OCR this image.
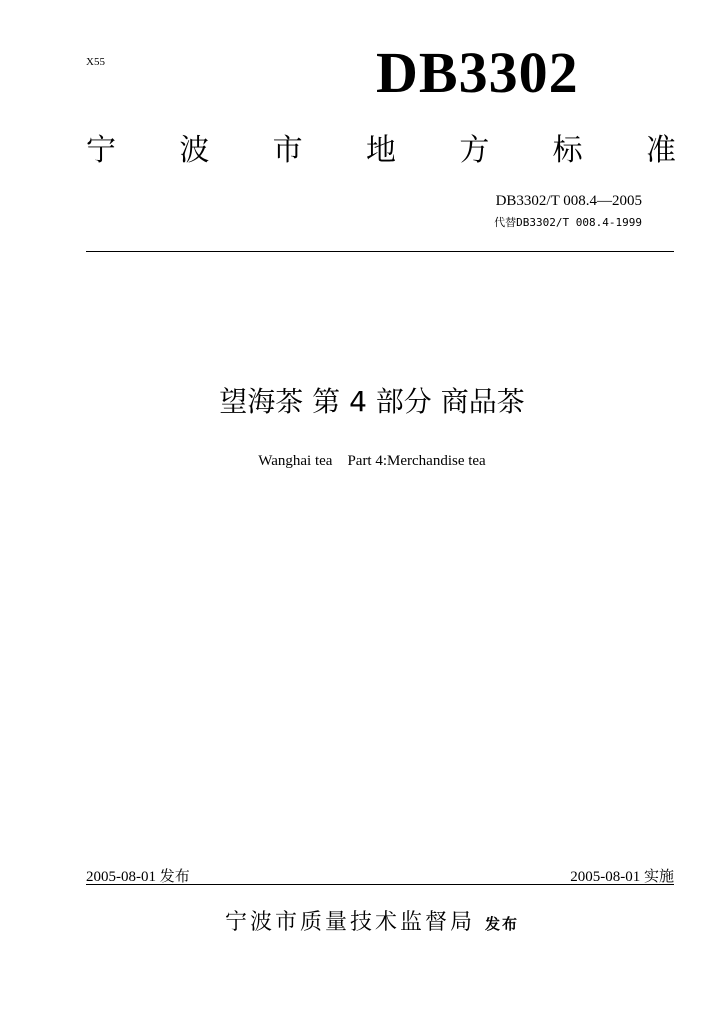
X55	DB3302
宁 波 市 地 方 标 准
DB3302/T 008.4—2005
代替DB3302/T 008.4-1999
望海茶 第 4 部分 商品茶
Wanghai tea    Part 4:Merchandise tea
2005-08-01 发布	2005-08-01 实施
宁波市质量技术监督局 发布
